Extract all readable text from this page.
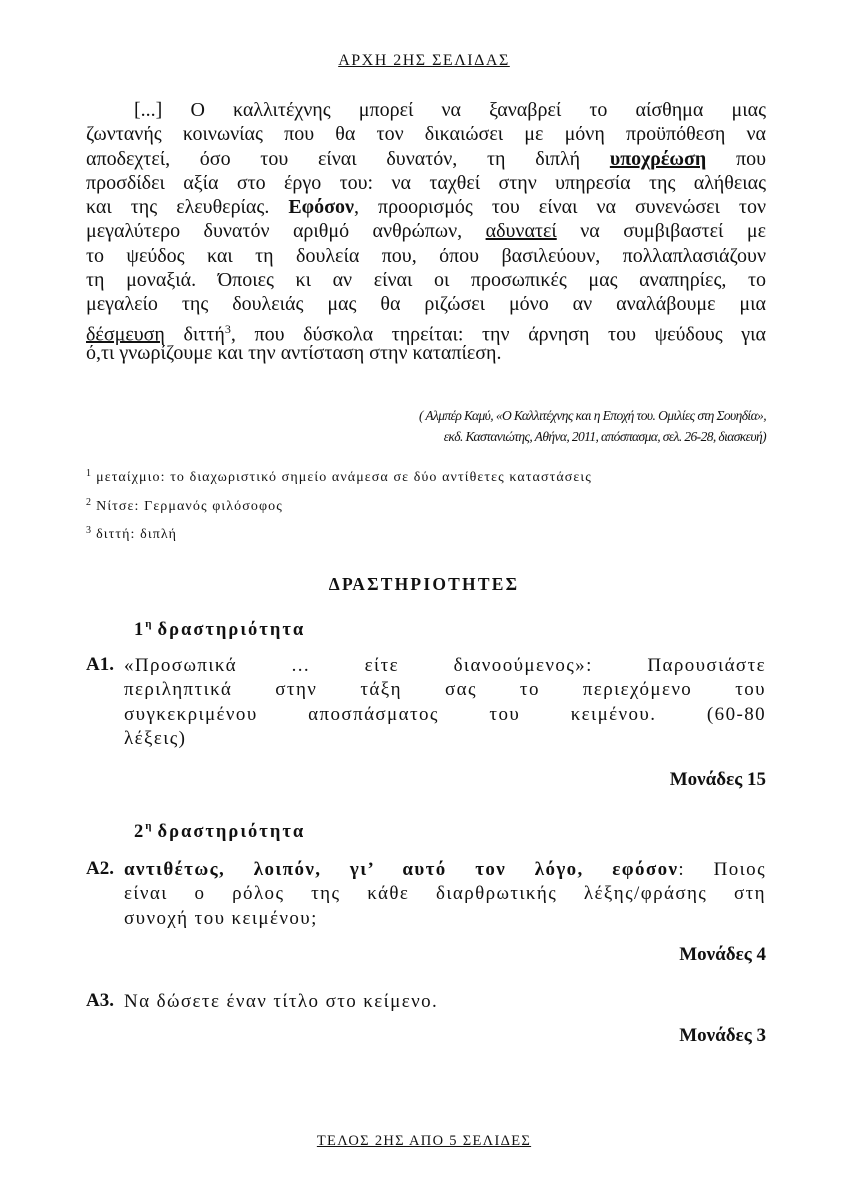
ΑΡΧΗ 2ΗΣ ΣΕΛΙΔΑΣ
[...] Ο καλλιτέχνης μπορεί να ξαναβρεί το αίσθημα μιας
ζωντανής κοινωνίας που θα τον δικαιώσει με μόνη προϋπόθεση να
αποδεχτεί, όσο του είναι δυνατόν, τη διπλή υποχρέωση που
προσδίδει αξία στο έργο του: να ταχθεί στην υπηρεσία της αλήθειας
και της ελευθερίας. Εφόσον, προορισμός του είναι να συνενώσει τον
μεγαλύτερο δυνατόν αριθμό ανθρώπων, αδυνατεί να συμβιβαστεί με
το ψεύδος και τη δουλεία που, όπου βασιλεύουν, πολλαπλασιάζουν
τη μοναξιά. Όποιες κι αν είναι οι προσωπικές μας αναπηρίες, το
μεγαλείο της δουλειάς μας θα ριζώσει μόνο αν αναλάβουμε μια
δέσμευση διττή$^3$, που δύσκολα τηρείται: την άρνηση του ψεύδους για
ό,τι γνωρίζουμε και την αντίσταση στην καταπίεση.
( Αλμπέρ Καμύ, «Ο Καλλιτέχνης και η Εποχή του. Ομιλίες στη Σουηδία»,
εκδ. Καστανιώτης, Αθήνα, 2011, απόσπασμα, σελ. 26-28, διασκευή)
$^1$ μεταίχμιο: το διαχωριστικό σημείο ανάμεσα σε δύο αντίθετες καταστάσεις
$^2$ Νίτσε: Γερμανός φιλόσοφος
$^3$ διττή: διπλή
ΔΡΑΣΤΗΡΙΟΤΗΤΕΣ
$1^\eta$ δραστηριότητα
Α1. «Προσωπικά ... είτε διανοούμενος»: Παρουσιάστε
περιληπτικά στην τάξη σας το περιεχόμενο του
συγκεκριμένου αποσπάσματος του κειμένου. (60-80
λέξεις)
Μονάδες 15
$2^\eta$ δραστηριότητα
Α2. αντιθέτως, λοιπόν, γι’ αυτό τον λόγο, εφόσον: Ποιος
είναι ο ρόλος της κάθε διαρθρωτικής λέξης/φράσης στη
συνοχή του κειμένου;
Μονάδες 4
Α3. Να δώσετε έναν τίτλο στο κείμενο.
Μονάδες 3
ΤΕΛΟΣ 2ΗΣ ΑΠΟ 5 ΣΕΛΙΔΕΣ
